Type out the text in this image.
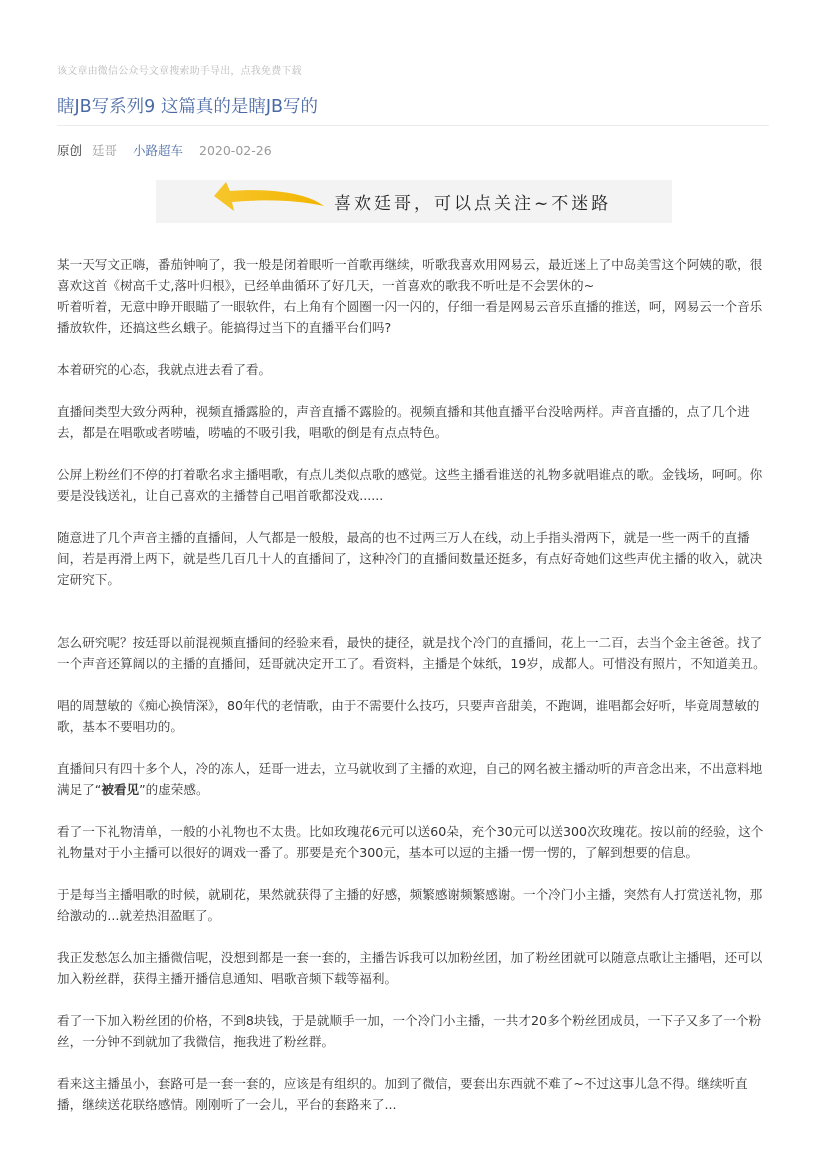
该文章由微信公众号文章搜索助手导出，点我免费下载
瞎JB写系列9 这篇真的是瞎JB写的
原创 廷哥 小路超车 2020-02-26
喜欢廷哥，可以点关注~不迷路

某一天写文正嗨，番茄钟响了，我一般是闭着眼听一首歌再继续，听歌我喜欢用网易云，最近迷上了中岛美雪这个阿姨的歌，很喜欢这首《树高千丈,落叶归根》，已经单曲循环了好几天，一首喜欢的歌我不听吐是不会罢休的~
听着听着，无意中睁开眼瞄了一眼软件，右上角有个圆圈一闪一闪的，仔细一看是网易云音乐直播的推送，呵，网易云一个音乐播放软件，还搞这些幺蛾子。能搞得过当下的直播平台们吗?

本着研究的心态，我就点进去看了看。

直播间类型大致分两种，视频直播露脸的，声音直播不露脸的。视频直播和其他直播平台没啥两样。声音直播的，点了几个进去，都是在唱歌或者唠嗑，唠嗑的不吸引我，唱歌的倒是有点点特色。

公屏上粉丝们不停的打着歌名求主播唱歌，有点儿类似点歌的感觉。这些主播看谁送的礼物多就唱谁点的歌。金钱场，呵呵。你要是没钱送礼，让自己喜欢的主播替自己唱首歌都没戏......

随意进了几个声音主播的直播间，人气都是一般般，最高的也不过两三万人在线，动上手指头滑两下，就是一些一两千的直播间，若是再滑上两下，就是些几百几十人的直播间了，这种冷门的直播间数量还挺多，有点好奇她们这些声优主播的收入，就决定研究下。

怎么研究呢？按廷哥以前混视频直播间的经验来看，最快的捷径，就是找个冷门的直播间，花上一二百，去当个金主爸爸。找了一个声音还算阔以的主播的直播间，廷哥就决定开工了。看资料，主播是个妹纸，19岁，成都人。可惜没有照片，不知道美丑。

唱的周慧敏的《痴心换情深》，80年代的老情歌，由于不需要什么技巧，只要声音甜美，不跑调，谁唱都会好听，毕竟周慧敏的歌，基本不要唱功的。

直播间只有四十多个人，冷的冻人，廷哥一进去，立马就收到了主播的欢迎，自己的网名被主播动听的声音念出来，不出意料地满足了“被看见”的虚荣感。

看了一下礼物清单，一般的小礼物也不太贵。比如玫瑰花6元可以送60朵，充个30元可以送300次玫瑰花。按以前的经验，这个礼物量对于小主播可以很好的调戏一番了。那要是充个300元，基本可以逗的主播一愣一愣的，了解到想要的信息。

于是每当主播唱歌的时候，就刷花，果然就获得了主播的好感，频繁感谢频繁感谢。一个冷门小主播，突然有人打赏送礼物，那给激动的...就差热泪盈眶了。

我正发愁怎么加主播微信呢，没想到都是一套一套的，主播告诉我可以加粉丝团，加了粉丝团就可以随意点歌让主播唱，还可以加入粉丝群，获得主播开播信息通知、唱歌音频下载等福利。

看了一下加入粉丝团的价格，不到8块钱，于是就顺手一加，一个冷门小主播，一共才20多个粉丝团成员，一下子又多了一个粉丝，一分钟不到就加了我微信，拖我进了粉丝群。

看来这主播虽小，套路可是一套一套的，应该是有组织的。加到了微信，要套出东西就不难了~不过这事儿急不得。继续听直播，继续送花联络感情。刚刚听了一会儿，平台的套路来了...
